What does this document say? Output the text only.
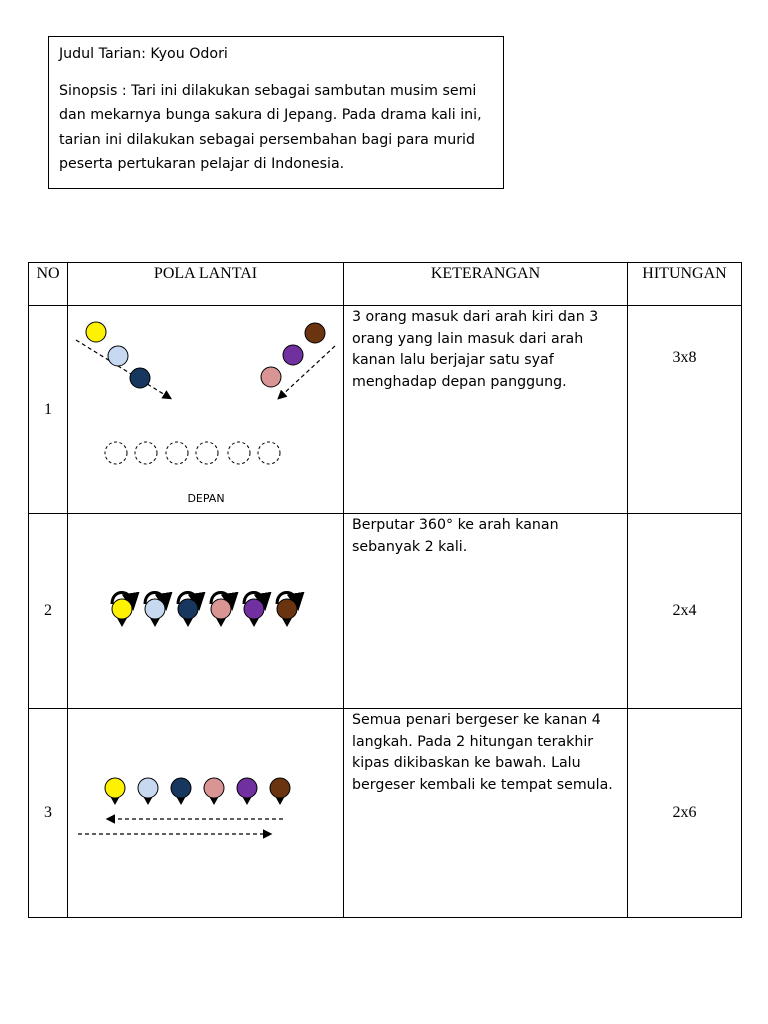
Judul Tarian: Kyou Odori

Sinopsis : Tari ini dilakukan sebagai sambutan musim semi dan mekarnya bunga sakura di Jepang. Pada drama kali ini, tarian ini dilakukan sebagai persembahan bagi para murid peserta pertukaran pelajar di Indonesia.

NO	POLA LANTAI	KETERANGAN	HITUNGAN
1	DEPAN	3 orang masuk dari arah kiri dan 3 orang yang lain masuk dari arah kanan lalu berjajar satu syaf menghadap depan panggung.	3x8
2		Berputar 360° ke arah kanan sebanyak 2 kali.	2x4
3		Semua penari bergeser ke kanan 4 langkah. Pada 2 hitungan terakhir kipas dikibaskan ke bawah. Lalu bergeser kembali ke tempat semula.	2x6
